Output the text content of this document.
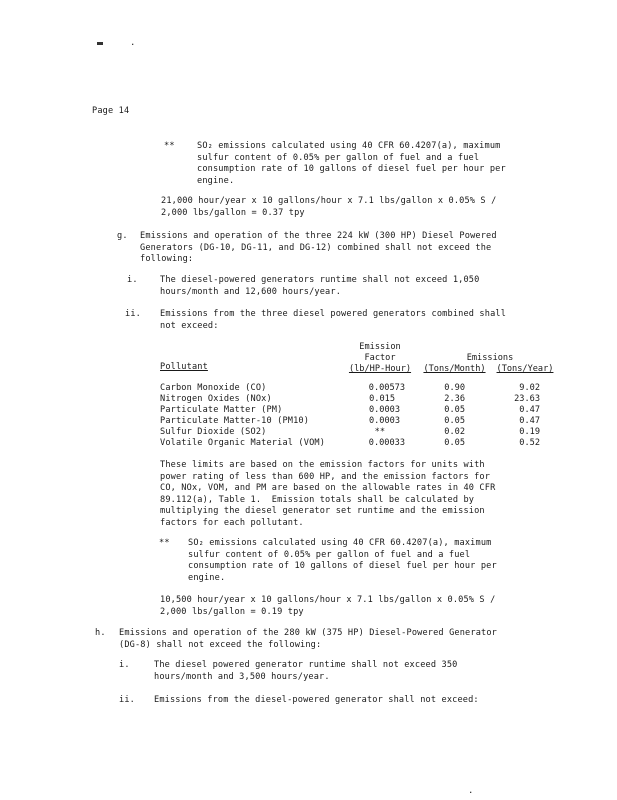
.
Page 14
**	SO₂ emissions calculated using 40 CFR 60.4207(a), maximum
sulfur content of 0.05% per gallon of fuel and a fuel
consumption rate of 10 gallons of diesel fuel per hour per
engine.
21,000 hour/year x 10 gallons/hour x 7.1 lbs/gallon x 0.05% S /
2,000 lbs/gallon = 0.37 tpy
g. Emissions and operation of the three 224 kW (300 HP) Diesel Powered
Generators (DG-10, DG-11, and DG-12) combined shall not exceed the
following:
i.	The diesel-powered generators runtime shall not exceed 1,050
hours/month and 12,600 hours/year.
ii. Emissions from the three diesel powered generators combined shall
not exceed:
Emission
Factor	Emissions
Pollutant	(lb/HP-Hour)	(Tons/Month)	(Tons/Year)
Carbon Monoxide (CO)	0.00573	0.90	9.02
Nitrogen Oxides (NOx)	0.015	2.36	23.63
Particulate Matter (PM)	0.0003	0.05	0.47
Particulate Matter-10 (PM10)	0.0003	0.05	0.47
Sulfur Dioxide (SO2)	**	0.02	0.19
Volatile Organic Material (VOM)	0.00033	0.05	0.52
These limits are based on the emission factors for units with
power rating of less than 600 HP, and the emission factors for
CO, NOx, VOM, and PM are based on the allowable rates in 40 CFR
89.112(a), Table 1.  Emission totals shall be calculated by
multiplying the diesel generator set runtime and the emission
factors for each pollutant.
** SO₂ emissions calculated using 40 CFR 60.4207(a), maximum
sulfur content of 0.05% per gallon of fuel and a fuel
consumption rate of 10 gallons of diesel fuel per hour per
engine.
10,500 hour/year x 10 gallons/hour x 7.1 lbs/gallon x 0.05% S /
2,000 lbs/gallon = 0.19 tpy
h. Emissions and operation of the 280 kW (375 HP) Diesel-Powered Generator
(DG-8) shall not exceed the following:
i.	The diesel powered generator runtime shall not exceed 350
hours/month and 3,500 hours/year.
ii. Emissions from the diesel-powered generator shall not exceed:
.
